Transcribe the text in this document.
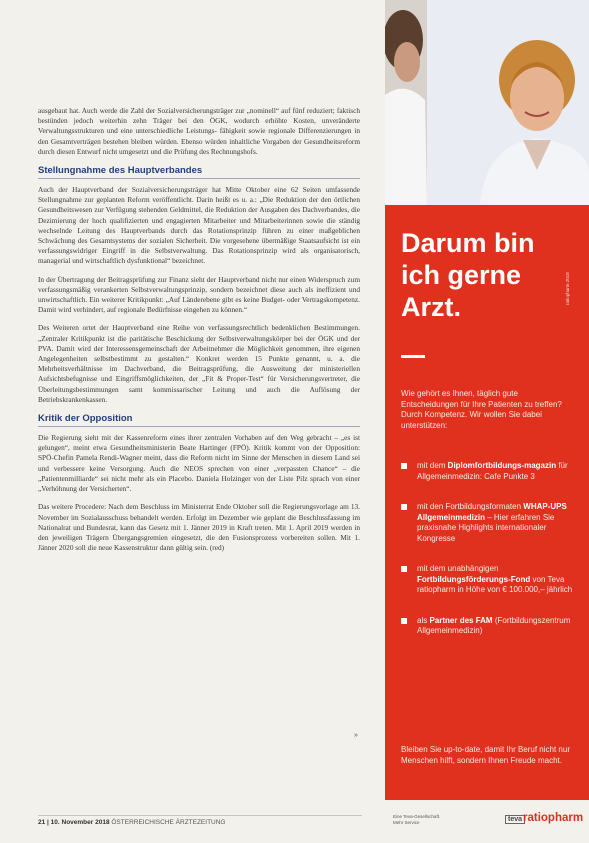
ausgebaut hat. Auch werde die Zahl der Sozialversicherungsträger zur „nominell“ auf fünf reduziert; faktisch bestünden jedoch weiterhin zehn Träger bei den ÖGK, wodurch erhöhte Kosten, unveränderte Verwaltungsstrukturen und eine unterschiedliche Leistungs- fähigkeit sowie regionale Differenzierungen in den Gesamtverträgen bestehen bleiben würden. Ebenso würden inhaltliche Vorgaben der Gesundheitsreform durch diesen Entwurf nicht umgesetzt und die Prüfung des Rechnungshofs.

Stellungnahme des Hauptverbandes

Auch der Hauptverband der Sozialversicherungsträger hat Mitte Oktober eine 62 Seiten umfassende Stellungnahme zur geplanten Reform veröffentlicht. Darin heißt es u. a.: „Die Reduktion der den örtlichen Gesundheitswesen zur Verfügung stehenden Geldmittel, die Reduktion der Ausgaben des Dachverbandes, die Dezimierung der hoch qualifizierten und engagierten Mitarbeiter und Mitarbeiterinnen sowie die ständig wechselnde Leitung des Hauptverbands durch das Rotationsprinzip führen zu einer maßgeblichen Schwächung des Gesamtsystems der sozialen Sicherheit. Die vorgesehene übermäßige Staatsaufsicht ist ein verfassungswidriger Eingriff in die Selbstverwaltung. Das Rotationsprinzip wird als organisatorisch, managerial und wirtschaftlich dysfunktional“ bezeichnet.

In der Übertragung der Beitragsprüfung zur Finanz sieht der Hauptverband nicht nur einen Widerspruch zum verfassungsmäßig verankerten Selbstverwaltungsprinzip, sondern bezeichnet diese auch als ineffizient und unwirtschaftlich. Ein weiterer Kritikpunkt: „Auf Länderebene gibt es keine Budget- oder Vertragskompetenz. Damit wird verhindert, auf regionale Bedürfnisse eingehen zu können.“

Des Weiteren ortet der Hauptverband eine Reihe von verfassungsrechtlich bedenklichen Bestimmungen. „Zentraler Kritikpunkt ist die paritätische Beschickung der Selbstverwaltungskörper bei der ÖGK und der PVA. Damit wird der Interessensgemeinschaft der Arbeitnehmer die Möglichkeit genommen, ihre eigenen Angelegenheiten selbstbestimmt zu gestalten.“ Konkret werden 15 Punkte genannt, u. a. die Mehrheitsverhältnisse im Dachverband, die Beitragsprüfung, die Ausweitung der ministeriellen Aufsichtsbefugnisse und Eingriffsmöglichkeiten, der „Fit & Proper-Test“ für Versicherungsvertreter, die Überleitungsbestimmungen samt kommissarischer Leitung und auch die Auflösung der Betriebskrankenkassen.

Kritik der Opposition

Die Regierung sieht mit der Kassenreform eines ihrer zentralen Vorhaben auf den Weg gebracht – „es ist gelungen“, meint etwa Gesundheitsministerin Beate Hartinger (FPÖ). Kritik kommt von der Opposition: SPÖ-Chefin Pamela Rendi-Wagner meint, dass die Reform nicht im Sinne der Menschen in diesem Land sei und verbessere keine Versorgung. Auch die NEOS sprechen von einer „verpassten Chance“ – die „Patientenmilliarde“ sei nicht mehr als ein Placebo. Daniela Holzinger von der Liste Pilz sprach von einer „Verhöhnung der Versicherten“.

Das weitere Procedere: Nach dem Beschluss im Ministerrat Ende Oktober soll die Regierungsvorlage am 13. November im Sozialausschuss behandelt werden. Erfolgt im Dezember wie geplant die Beschlussfassung im Nationalrat und Bundesrat, kann das Gesetz mit 1. Jänner 2019 in Kraft treten. Mit 1. April 2019 werden in den jeweiligen Trägern Übergangsgremien eingesetzt, die den Fusionsprozess vorbereiten sollen. Mit 1. Jänner 2020 soll die neue Kassenstruktur dann gültig sein. (red)

»
21 | 10. November 2018 ÖSTERREICHISCHE ÄRZTEZEITUNG
Darum bin ich gerne Arzt.
ratiopharm 2018

Wie gehört es Ihnen, täglich gute Entscheidungen für Ihre Patienten zu treffen? Durch Kompetenz. Wir wollen Sie dabei unterstützen:

mit dem Diplomfortbildungs-magazin für Allgemeinmedizin: Cafe Punkte 3

mit den Fortbildungsformaten WHAP-UPS Allgemeinmedizin – Hier erfahren Sie praxisnahe Highlights internationaler Kongresse

mit dem unabhängigen Fortbildungsförderungs-Fond von Teva ratiopharm in Höhe von € 100.000,– jährlich

als Partner des FAM (Fortbildungszentrum Allgemeinmedizin)

Bleiben Sie up-to-date, damit Ihr Beruf nicht nur Menschen hilft, sondern Ihnen Freude macht.

Eine Teva-Gesellschaft.
Mehr Service	teva ratiopharm
